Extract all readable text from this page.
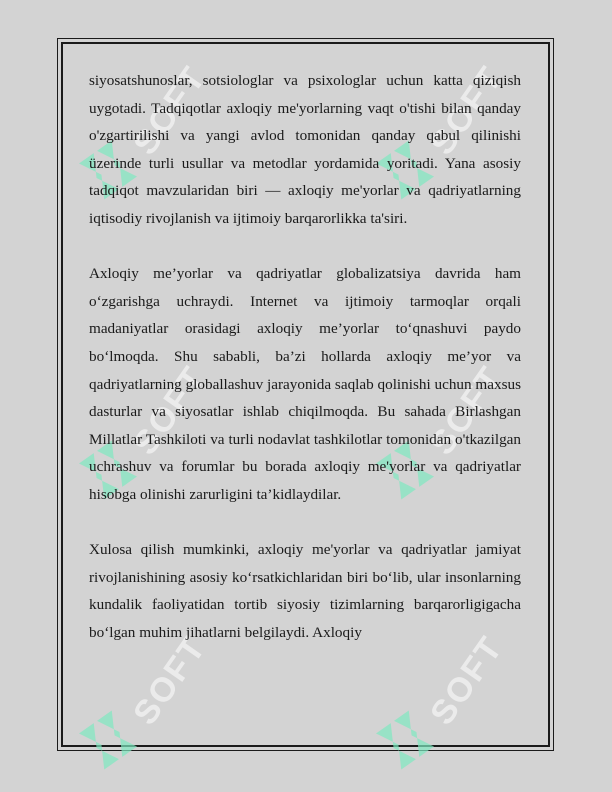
SOFT	SOFT
SOFT	SOFT
SOFT	SOFT

siyosatshunoslar, sotsiologlar va psixologlar uchun katta qiziqish uygotadi. Tadqiqotlar axloqiy me'yorlarning vaqt o'tishi bilan qanday o'zgartirilishi va yangi avlod tomonidan qanday qabul qilinishi üzerinde turli usullar va metodlar yordamida yoritadi. Yana asosiy tadqiqot mavzularidan biri — axloqiy me'yorlar va qadriyatlarning iqtisodiy rivojlanish va ijtimoiy barqarorlikka ta'siri.

Axloqiy me’yorlar va qadriyatlar globalizatsiya davrida ham o‘zgarishga uchraydi. Internet va ijtimoiy tarmoqlar orqali madaniyatlar orasidagi axloqiy me’yorlar to‘qnashuvi paydo bo‘lmoqda. Shu sababli, ba’zi hollarda axloqiy me’yor va qadriyatlarning globallashuv jarayonida saqlab qolinishi uchun maxsus dasturlar va siyosatlar ishlab chiqilmoqda. Bu sahada Birlashgan Millatlar Tashkiloti va turli nodavlat tashkilotlar tomonidan o'tkazilgan uchrashuv va forumlar bu borada axloqiy me'yorlar va qadriyatlar hisobga olinishi zarurligini ta’kidlaydilar.

Xulosa qilish mumkinki, axloqiy me'yorlar va qadriyatlar jamiyat rivojlanishining asosiy ko‘rsatkichlaridan biri bo‘lib, ular insonlarning kundalik faoliyatidan tortib siyosiy tizimlarning barqarorligigacha bo‘lgan muhim jihatlarni belgilaydi. Axloqiy
